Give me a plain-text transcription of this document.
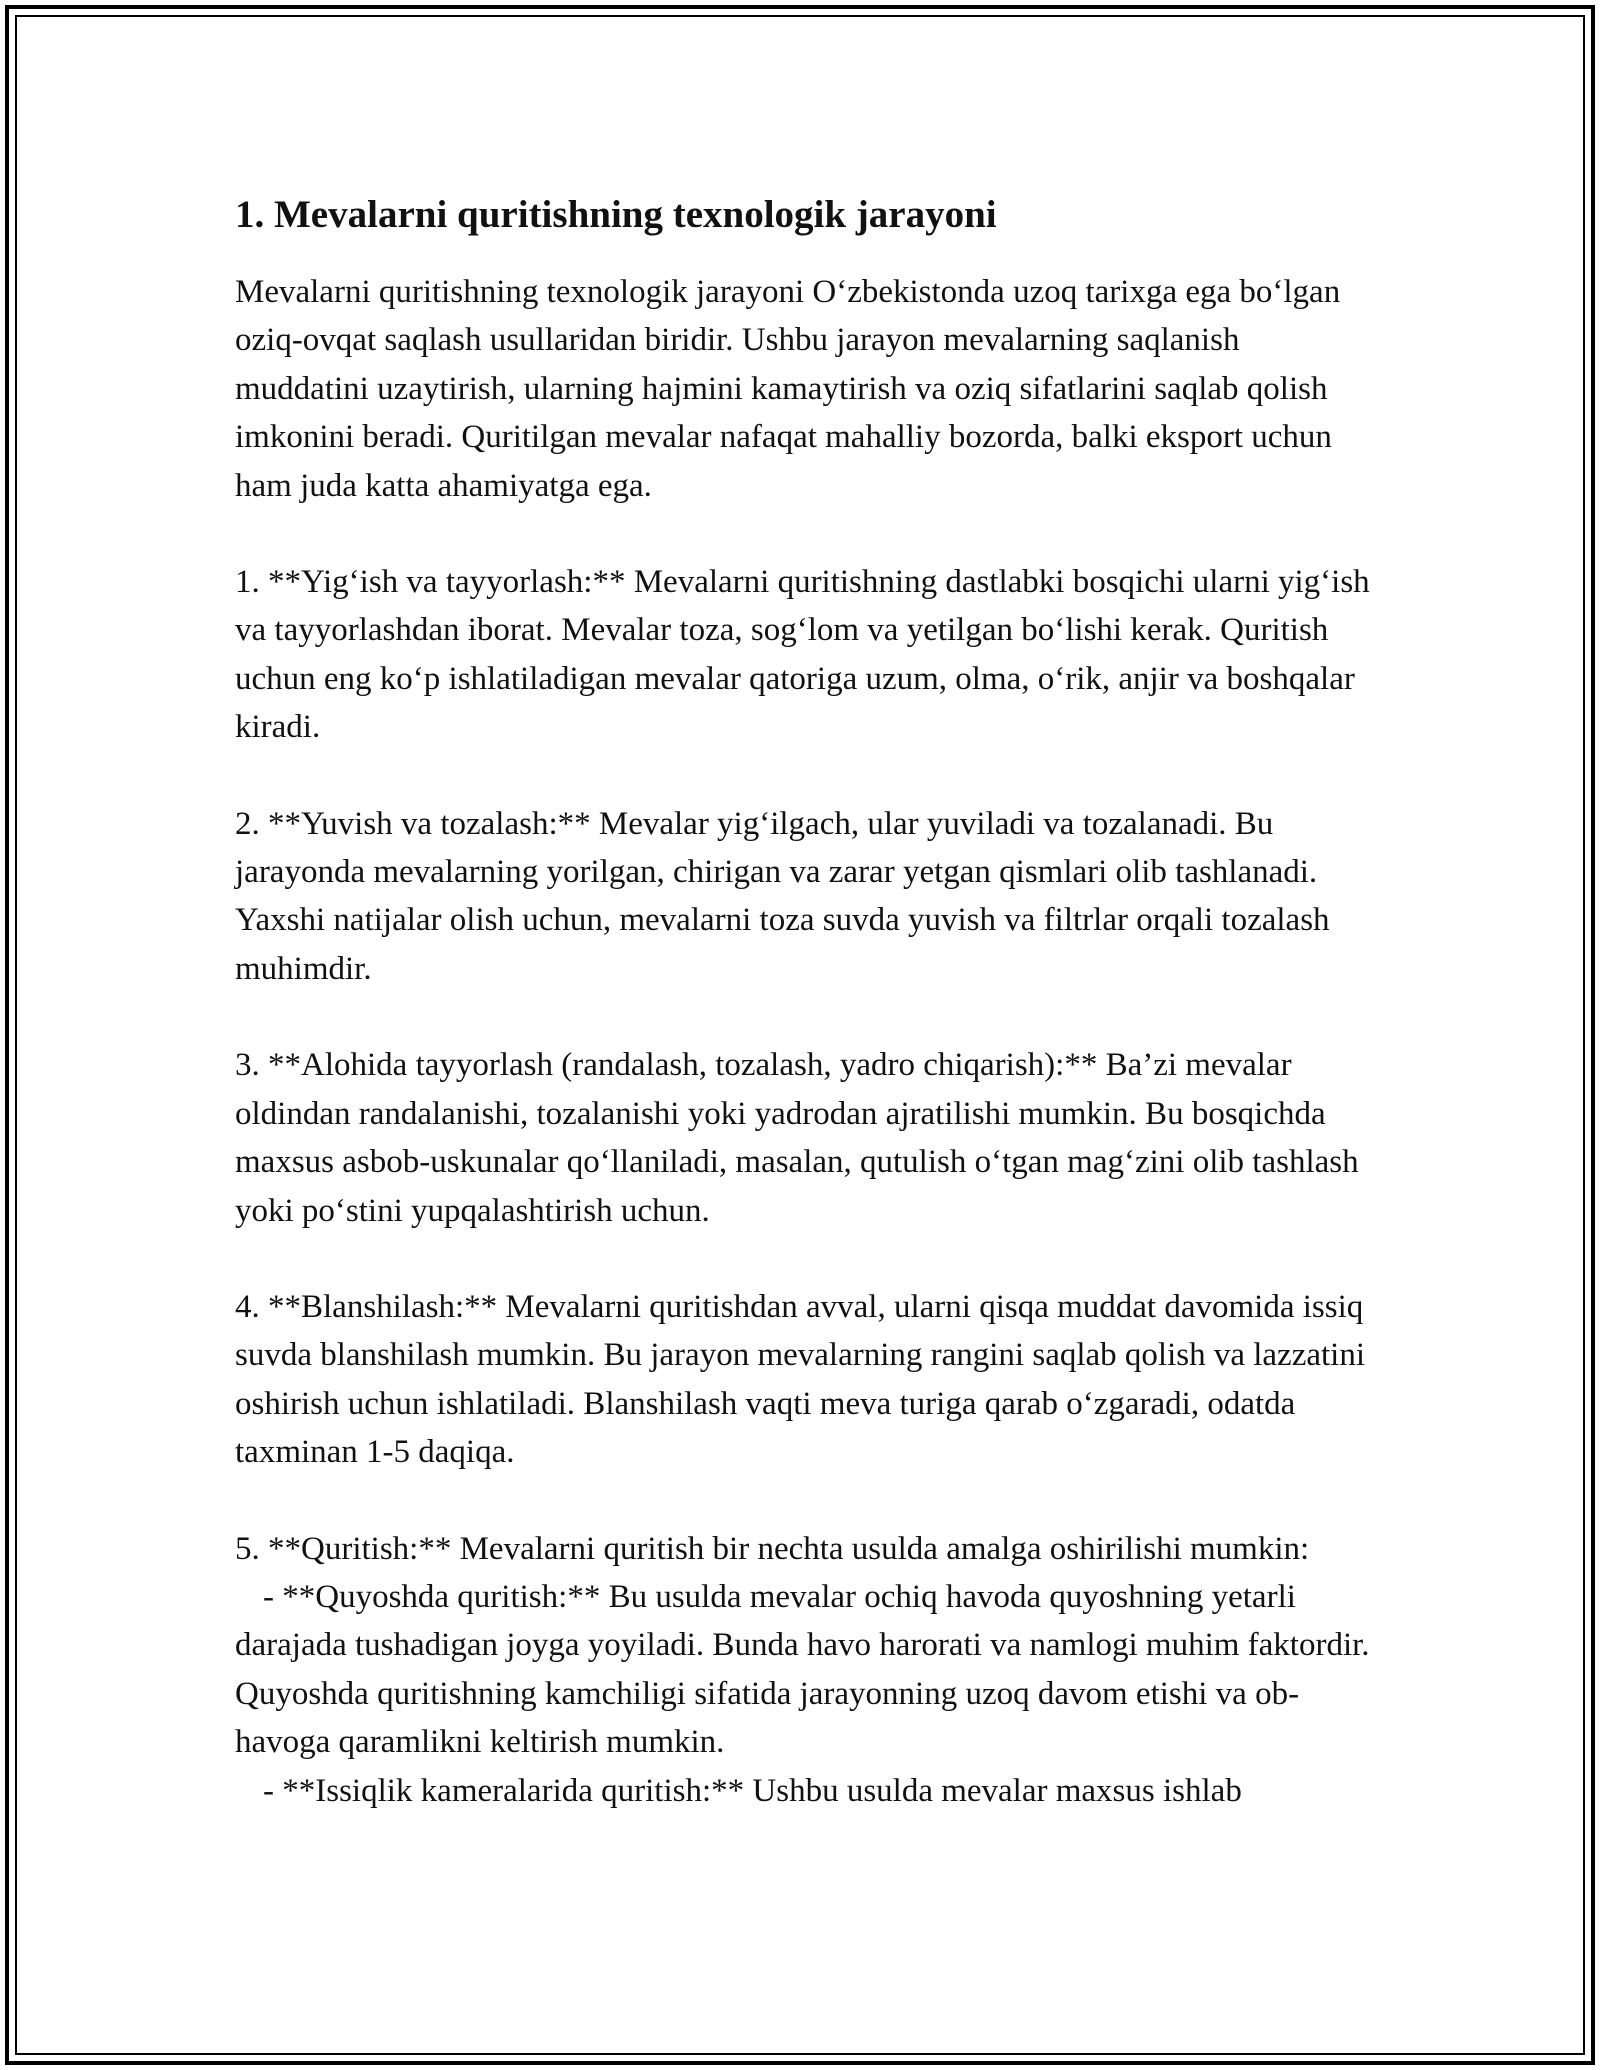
1. Mevalarni quritishning texnologik jarayoni

Mevalarni quritishning texnologik jarayoni O‘zbekistonda uzoq tarixga ega bo‘lgan oziq-ovqat saqlash usullaridan biridir. Ushbu jarayon mevalarning saqlanish muddatini uzaytirish, ularning hajmini kamaytirish va oziq sifatlarini saqlab qolish imkonini beradi. Quritilgan mevalar nafaqat mahalliy bozorda, balki eksport uchun ham juda katta ahamiyatga ega.

1. **Yig‘ish va tayyorlash:** Mevalarni quritishning dastlabki bosqichi ularni yig‘ish va tayyorlashdan iborat. Mevalar toza, sog‘lom va yetilgan bo‘lishi kerak. Quritish uchun eng ko‘p ishlatiladigan mevalar qatoriga uzum, olma, o‘rik, anjir va boshqalar kiradi.

2. **Yuvish va tozalash:** Mevalar yig‘ilgach, ular yuviladi va tozalanadi. Bu jarayonda mevalarning yorilgan, chirigan va zarar yetgan qismlari olib tashlanadi. Yaxshi natijalar olish uchun, mevalarni toza suvda yuvish va filtrlar orqali tozalash muhimdir.

3. **Alohida tayyorlash (randalash, tozalash, yadro chiqarish):** Ba’zi mevalar oldindan randalanishi, tozalanishi yoki yadrodan ajratilishi mumkin. Bu bosqichda maxsus asbob-uskunalar qo‘llaniladi, masalan, qutulish o‘tgan mag‘zini olib tashlash yoki po‘stini yupqalashtirish uchun.

4. **Blanshilash:** Mevalarni quritishdan avval, ularni qisqa muddat davomida issiq suvda blanshilash mumkin. Bu jarayon mevalarning rangini saqlab qolish va lazzatini oshirish uchun ishlatiladi. Blanshilash vaqti meva turiga qarab o‘zgaradi, odatda taxminan 1-5 daqiqa.

5. **Quritish:** Mevalarni quritish bir nechta usulda amalga oshirilishi mumkin:

- **Quyoshda quritish:** Bu usulda mevalar ochiq havoda quyoshning yetarli darajada tushadigan joyga yoyiladi. Bunda havo harorati va namlogi muhim faktordir. Quyoshda quritishning kamchiligi sifatida jarayonning uzoq davom etishi va ob-havoga qaramlikni keltirish mumkin.

- **Issiqlik kameralarida quritish:** Ushbu usulda mevalar maxsus ishlab
